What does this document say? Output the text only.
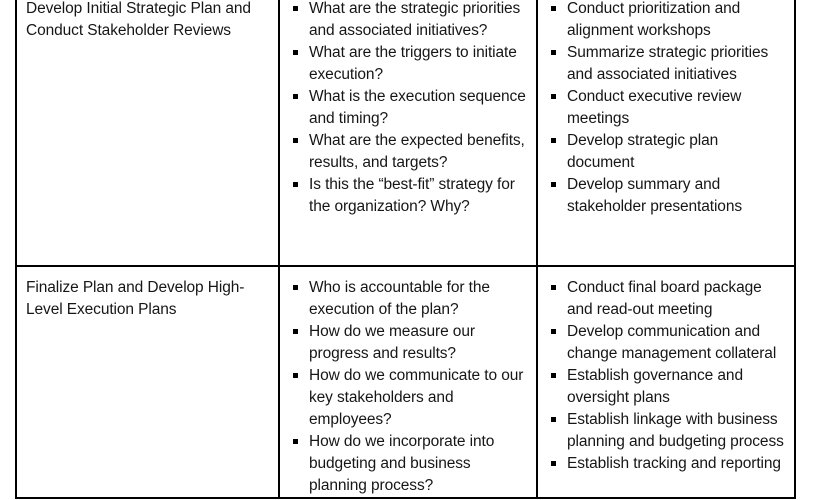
Develop Initial Strategic Plan and Conduct Stakeholder Reviews
What are the strategic priorities and associated initiatives?
What are the triggers to initiate execution?
What is the execution sequence and timing?
What are the expected benefits, results, and targets?
Is this the “best-fit” strategy for the organization? Why?
Conduct prioritization and alignment workshops
Summarize strategic priorities and associated initiatives
Conduct executive review meetings
Develop strategic plan document
Develop summary and stakeholder presentations
Finalize Plan and Develop High-Level Execution Plans
Who is accountable for the execution of the plan?
How do we measure our progress and results?
How do we communicate to our key stakeholders and employees?
How do we incorporate into budgeting and business planning process?
Conduct final board package and read-out meeting
Develop communication and change management collateral
Establish governance and oversight plans
Establish linkage with business planning and budgeting process
Establish tracking and reporting
